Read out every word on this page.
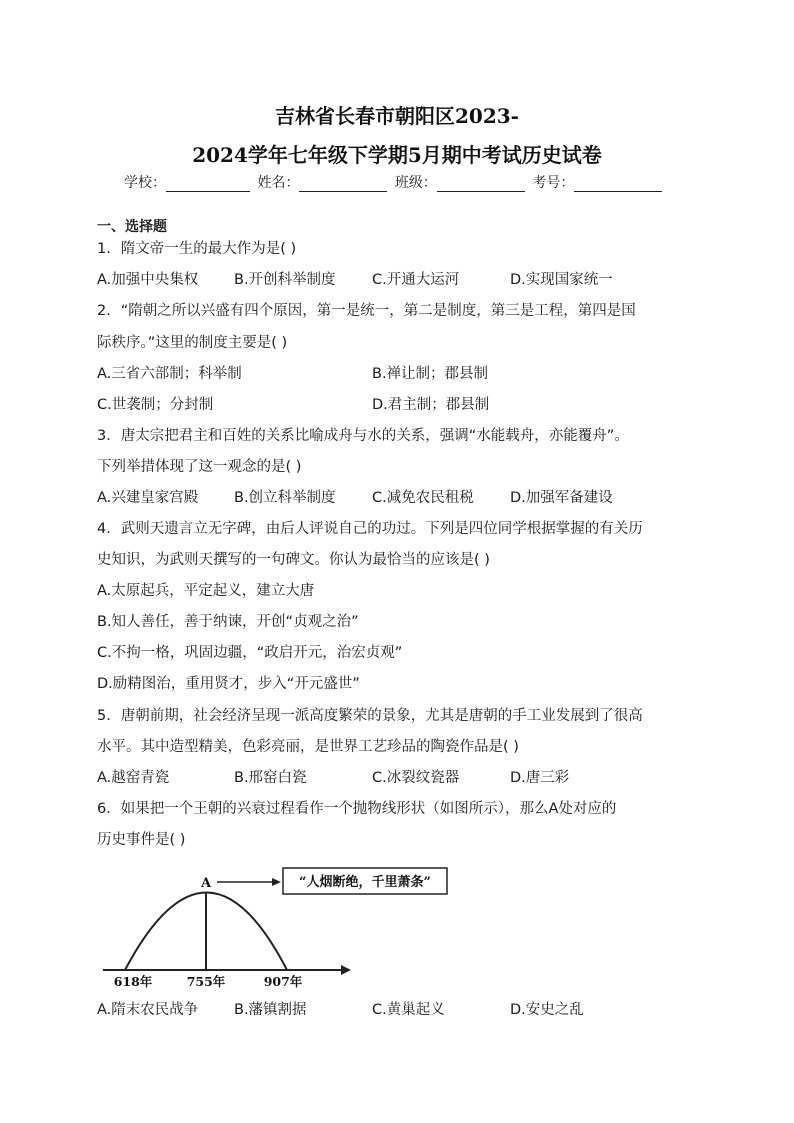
吉林省长春市朝阳区2023-
2024学年七年级下学期5月期中考试历史试卷
学校：	姓名：	班级：	考号：
一、选择题
1．隋文帝一生的最大作为是( )
A.加强中央集权 B.开创科举制度	C.开通大运河	D.实现国家统一
2．“隋朝之所以兴盛有四个原因，第一是统一，第二是制度，第三是工程，第四是国
际秩序。”这里的制度主要是( )
A.三省六部制；科举制	B.禅让制；郡县制
C.世袭制；分封制	D.君主制；郡县制
3．唐太宗把君主和百姓的关系比喻成舟与水的关系，强调“水能载舟，亦能覆舟”。
下列举措体现了这一观念的是( )
A.兴建皇家宫殿 B.创立科举制度	C.减免农民租税	D.加强军备建设
4．武则天遗言立无字碑，由后人评说自己的功过。下列是四位同学根据掌握的有关历
史知识，为武则天撰写的一句碑文。你认为最恰当的应该是( )
A.太原起兵，平定起义，建立大唐
B.知人善任，善于纳谏，开创“贞观之治”
C.不拘一格，巩固边疆，“政启开元，治宏贞观”
D.励精图治，重用贤才，步入“开元盛世”
5．唐朝前期，社会经济呈现一派高度繁荣的景象，尤其是唐朝的手工业发展到了很高
水平。其中造型精美，色彩亮丽，是世界工艺珍品的陶瓷作品是( )
A.越窑青瓷	B.邢窑白瓷	C.冰裂纹瓷器	D.唐三彩
6．如果把一个王朝的兴衰过程看作一个抛物线形状（如图所示），那么A处对应的
历史事件是( )
A	“人烟断绝，千里萧条”
618年	755年	907年
A.隋末农民战争 B.藩镇割据	C.黄巢起义	D.安史之乱
